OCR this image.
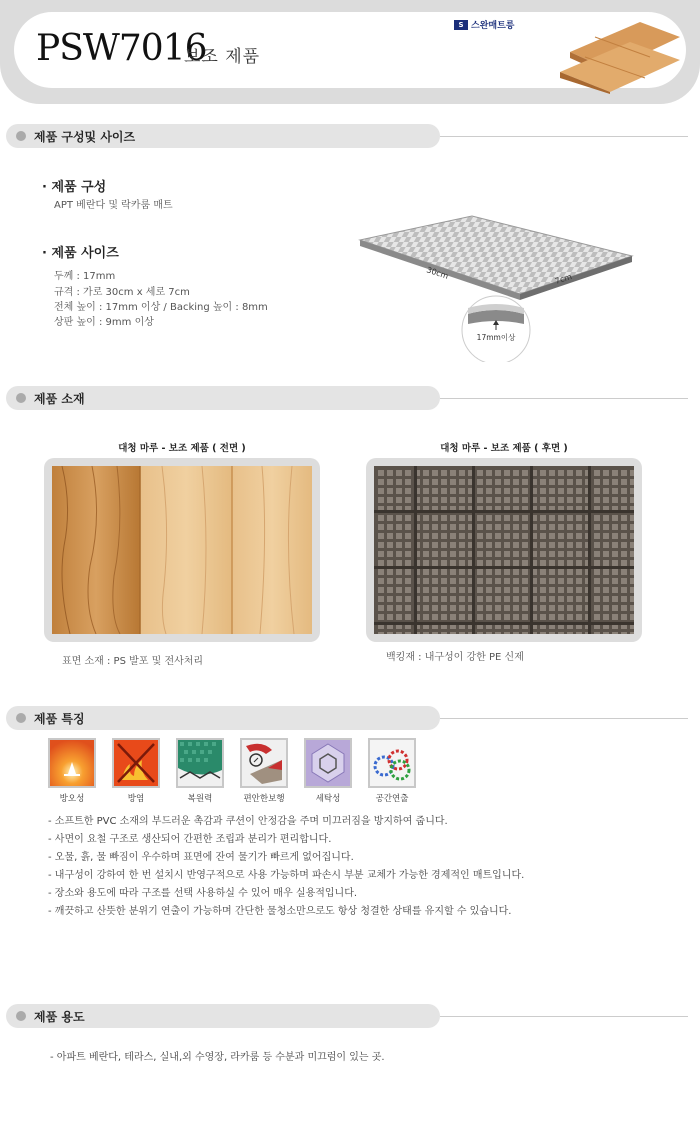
PSW7016
보조 제품
S 스완매트릉
제품 구성및 사이즈
· 제품 구성
APT 베란다 및 락카룸 매트
· 제품 사이즈
두께 : 17mm
규격 : 가로 30cm x 세로 7cm
전체 높이 : 17mm 이상 / Backing 높이 : 8mm
상판 높이 : 9mm 이상
30cm	7cm
17mm이상
제품 소재
대청 마루 - 보조 제품 ( 전면 )	대청 마루 - 보조 제품 ( 후면 )
표면 소재 : PS 발포 및 전사처리	백킹재 : 내구성이 강한 PE 신제
제품 특징
방오성	방염	복원력	편안한보행	세탁성	공간연출
- 소프트한 PVC 소재의 부드러운 촉감과 쿠션이 안정감을 주며 미끄러짐을 방지하여 줍니다.
- 사면이 요철 구조로 생산되어 간편한 조립과 분리가 편리합니다.
- 오물, 흙, 물 빠짐이 우수하며 표면에 잔여 물기가 빠르게 없어집니다.
- 내구성이 강하여 한 번 설치시 반영구적으로 사용 가능하며 파손시 부분 교체가 가능한 경제적인 매트입니다.
- 장소와 용도에 따라 구조를 선택 사용하실 수 있어 매우 실용적입니다.
- 깨끗하고 산뜻한 분위기 연출이 가능하며 간단한 물청소만으로도 항상 청결한 상태를 유지할 수 있습니다.
제품 용도
- 아파트 베란다, 테라스, 실내,외 수영장, 라카룸 등 수분과 미끄럼이 있는 곳.
